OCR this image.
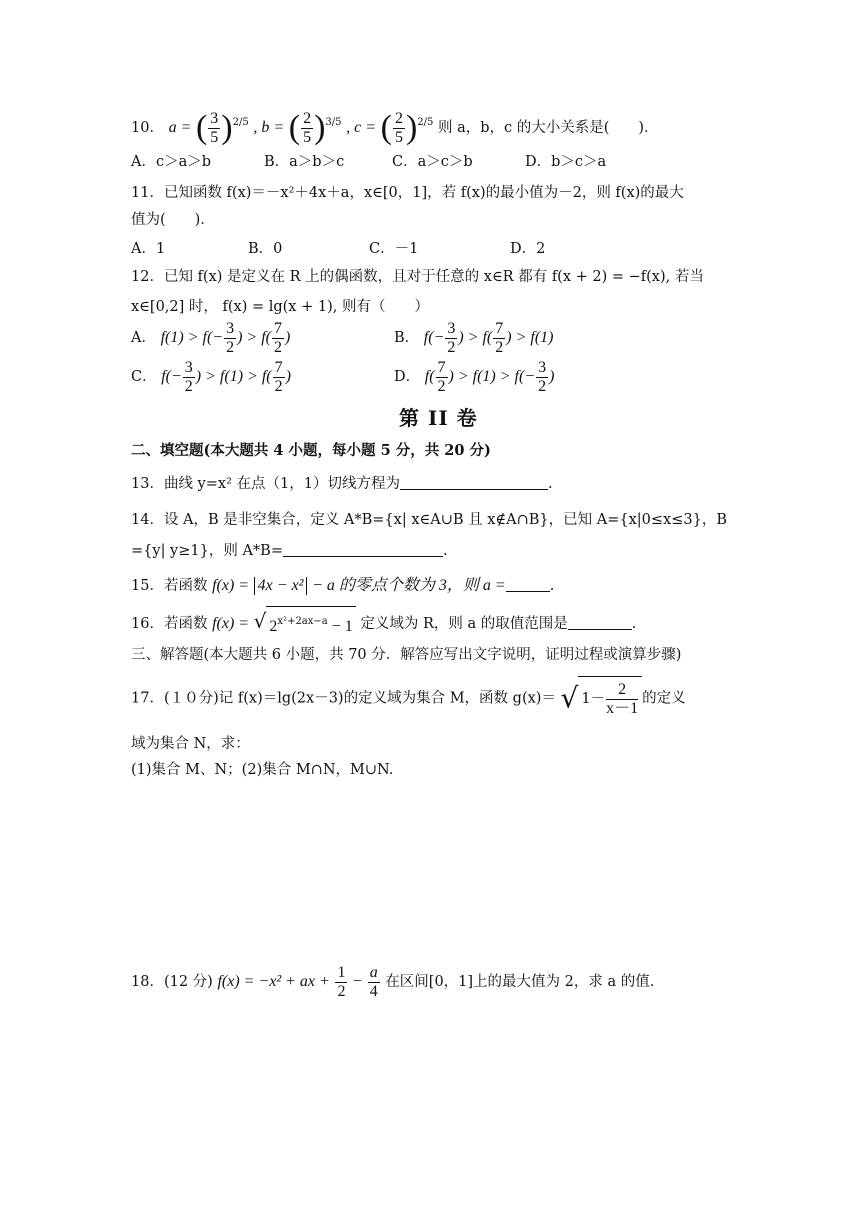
10． a = ( $\frac{3}{5} )^{2/5}$ , b = ( $\frac{2}{5} )^{3/5}$ , c = ( $\frac{2}{5} )^{2/5}$ 则 a，b，c 的大小关系是(　　)．
A．c＞a＞b	B．a＞b＞c	C．a＞c＞b	D．b＞c＞a
11．已知函数 f(x)＝－x²＋4x＋a，x∈[0，1]，若 f(x)的最小值为－2，则 f(x)的最大
值为(　　)．
A．1	B．0	C．－1	D．2
12．已知 f(x) 是定义在 R 上的偶函数，且对于任意的 x∈R 都有 f(x + 2) = −f(x), 若当
x∈[0,2] 时， f(x) = lg(x + 1), 则有（　　）
A． $f(1) > f(- \frac{3}{2}$ ) > $f( \frac{7}{2}$ )	B． $f(- \frac{3}{2}$ ) > $f( \frac{7}{2}$ ) > f(1)
C． $f(- \frac{3}{2}$ ) > $f(1) > f( \frac{7}{2}$ )	D． $f( \frac{7}{2}$ ) > $f(1) > f(- \frac{3}{2}$ )
第 II 卷
二、填空题(本大题共 4 小题，每小题 5 分，共 20 分)
13．曲线 y=x² 在点（1，1）切线方程为	.
14．设 A，B 是非空集合，定义 A*B={x| x∈A∪B 且 x∉A∩B}，已知 A={x|0≤x≤3}，B
={y| y≥1}，则 A*B=	.
15．若函数 f(x) = 4x − x² − a 的零点个数为 3，则 a =	.
16．若函数 f(x) = √ $2^{x^2+2ax-a} - 1$ 定义域为 R，则 a 的取值范围是	.
三、解答题(本大题共 6 小题，共 70 分．解答应写出文字说明，证明过程或演算步骤)
17．(１０分)记 f(x)＝lg(2x－3)的定义域为集合 M，函数 g(x)＝ √ $1- \frac{2}{x-1}$ 的定义
域为集合 N，求：
(1)集合 M、N；(2)集合 M∩N，M∪N.
18．(12 分) f(x) = −x² + ax + $\frac{1}{2} - \frac{a}{4}$ 在区间[0，1]上的最大值为 2，求 a 的值.
